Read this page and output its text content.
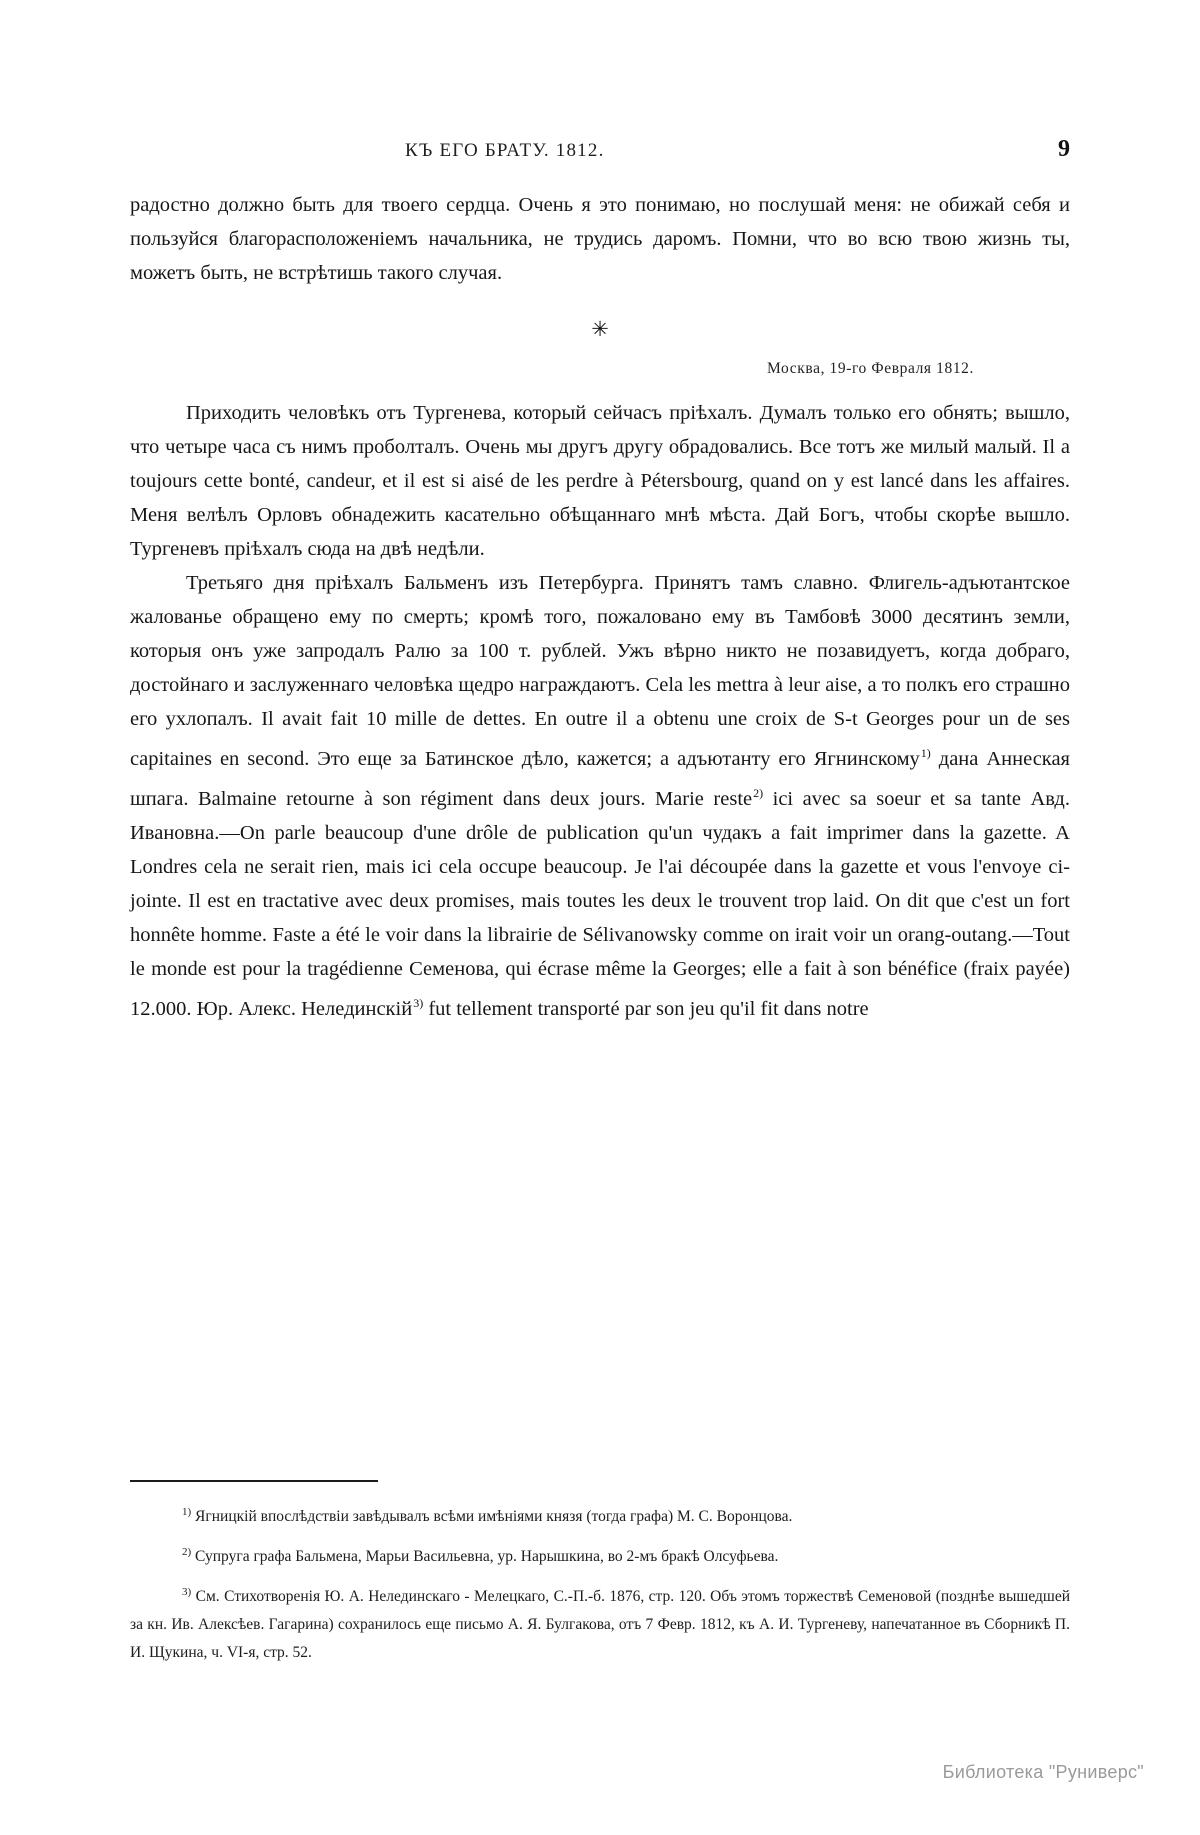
КЪ ЕГО БРАТУ. 1812.	9

радостно должно быть для твоего сердца. Очень я это понимаю, но послушай меня: не обижай себя и пользуйся благорасположеніемъ начальника, не трудись даромъ. Помни, что во всю твою жизнь ты, можетъ быть, не встрѣтишь такого случая.

✳
Москва, 19-го Февраля 1812.

Приходить человѣкъ отъ Тургенева, который сейчасъ пріѣхалъ. Думалъ только его обнять; вышло, что четыре часа съ нимъ проболталъ. Очень мы другъ другу обрадовались. Все тотъ же милый малый. Il a toujours cette bonté, candeur, et il est si aisé de les perdre à Pétersbourg, quand on y est lancé dans les affaires. Меня велѣлъ Орловъ обнадежить касательно обѣщаннаго мнѣ мѣста. Дай Богъ, чтобы скорѣе вышло. Тургеневъ пріѣхалъ сюда на двѣ недѣли.

Третьяго дня пріѣхалъ Бальменъ изъ Петербурга. Принятъ тамъ славно. Флигель-адъютантское жалованье обращено ему по смерть; кромѣ того, пожаловано ему въ Тамбовѣ 3000 десятинъ земли, которыя онъ уже запродалъ Ралю за 100 т. рублей. Ужъ вѣрно никто не позавидуетъ, когда добраго, достойнаго и заслуженнаго человѣка щедро награждаютъ. Cela les mettra à leur aise, а то полкъ его страшно его ухлопалъ. Il avait fait 10 mille de dettes. En outre il a obtenu une croix de S-t Georges pour un de ses capitaines en second. Это еще за Батинское дѣло, кажется; а адъютанту его Ягнинскому$^{1)}$ дана Аннеская шпага. Balmaine retourne à son régiment dans deux jours. Marie reste$^{2)}$ ici avec sa soeur et sa tante Авд. Ивановна.—On parle beaucoup d'une drôle de publication qu'un чудакъ a fait imprimer dans la gazette. A Londres cela ne serait rien, mais ici cela occupe beaucoup. Je l'ai découpée dans la gazette et vous l'envoye ci-jointe. Il est en tractative avec deux promises, mais toutes les deux le trouvent trop laid. On dit que c'est un fort honnête homme. Faste a été le voir dans la librairie de Sélivanowsky comme on irait voir un orang-outang.—Tout le monde est pour la tragédienne Семенова, qui écrase même la Georges; elle a fait à son bénéfice (fraix payée) 12.000. Юр. Алекс. Нелединскій$^{3)}$ fut tellement transporté par son jeu qu'il fit dans notre

$^{1)}$ Ягницкій впослѣдствіи завѣдывалъ всѣми имѣніями князя (тогда графа) М. С. Воронцова.

$^{2)}$ Супруга графа Бальмена, Марьи Васильевна, ур. Нарышкина, во 2-мъ бракѣ Олсуфьева.

$^{3)}$ См. Стихотворенія Ю. А. Нелединскаго - Мелецкаго, С.-П.-б. 1876, стр. 120. Объ этомъ торжествѣ Семеновой (позднѣе вышедшей за кн. Ив. Алексѣев. Гагарина) сохранилось еще письмо А. Я. Булгакова, отъ 7 Февр. 1812, къ А. И. Тургеневу, напечатанное въ Сборникѣ П. И. Щукина, ч. VI-я, стр. 52.

Библиотека "Руниверс"
